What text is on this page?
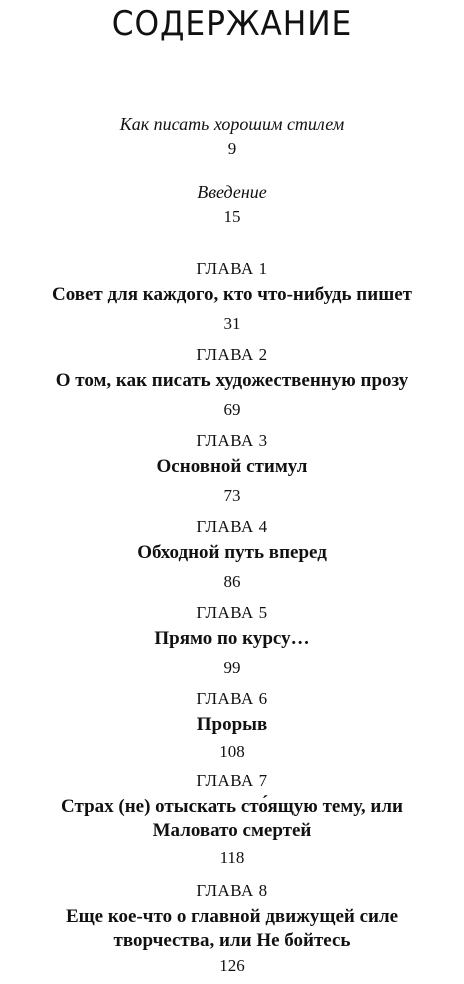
СОДЕРЖАНИЕ
Как писать хорошим стилем
9
Введение
15
ГЛАВА 1
Совет для каждого, кто что-нибудь пишет
31
ГЛАВА 2
О том, как писать художественную прозу
69
ГЛАВА 3
Основной стимул
73
ГЛАВА 4
Обходной путь вперед
86
ГЛАВА 5
Прямо по курсу…
99
ГЛАВА 6
Прорыв
108
ГЛАВА 7
Страх (не) отыскать сто́ящую тему, или Маловато смертей
118
ГЛАВА 8
Еще кое-что о главной движущей силе творчества, или Не бойтесь
126
